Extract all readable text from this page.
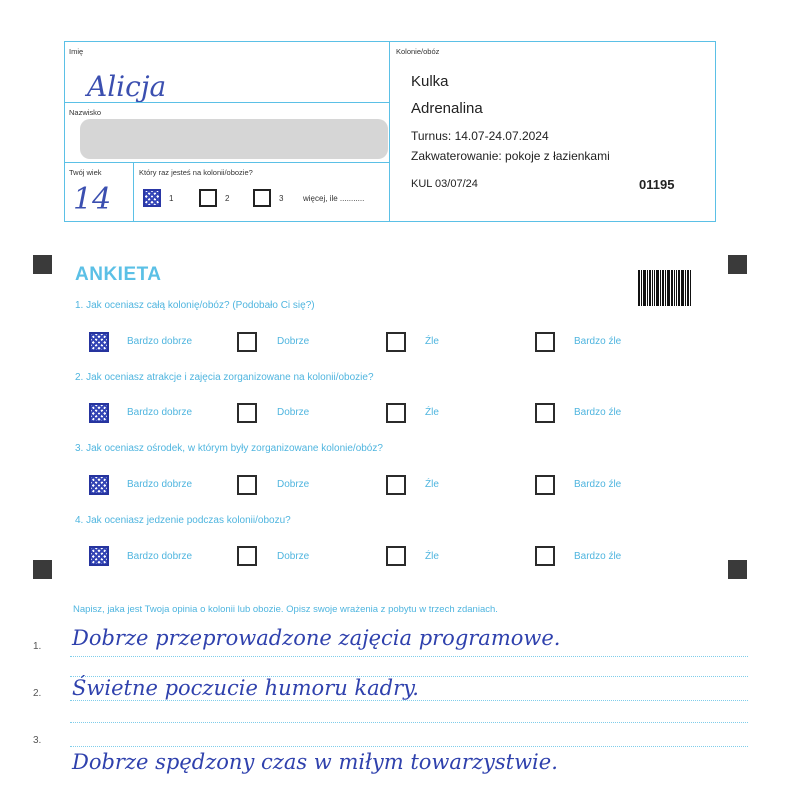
Imię
Alicja
Nazwisko
Twój wiek
14
Który raz jesteś na kolonii/obozie?
1	2	3 więcej, ile ...........
Kolonie/obóz
Kulka
Adrenalina
Turnus: 14.07-24.07.2024
Zakwaterowanie: pokoje z łazienkami
KUL 03/07/24	01195
ANKIETA
1. Jak oceniasz całą kolonię/obóz? (Podobało Ci się?)
Bardzo dobrze	Dobrze	Źle	Bardzo źle
2. Jak oceniasz atrakcje i zajęcia zorganizowane na kolonii/obozie?
Bardzo dobrze	Dobrze	Źle	Bardzo źle
3. Jak oceniasz ośrodek, w którym były zorganizowane kolonie/obóz?
Bardzo dobrze	Dobrze	Źle	Bardzo źle
4. Jak oceniasz jedzenie podczas kolonii/obozu?
Bardzo dobrze	Dobrze	Źle	Bardzo źle
Napisz, jaka jest Twoja opinia o kolonii lub obozie. Opisz swoje wrażenia z pobytu w trzech zdaniach.
1. Dobrze przeprowadzone zajęcia programowe.
2. Świetne poczucie humoru kadry.
3.
Dobrze spędzony czas w miłym towarzystwie.
